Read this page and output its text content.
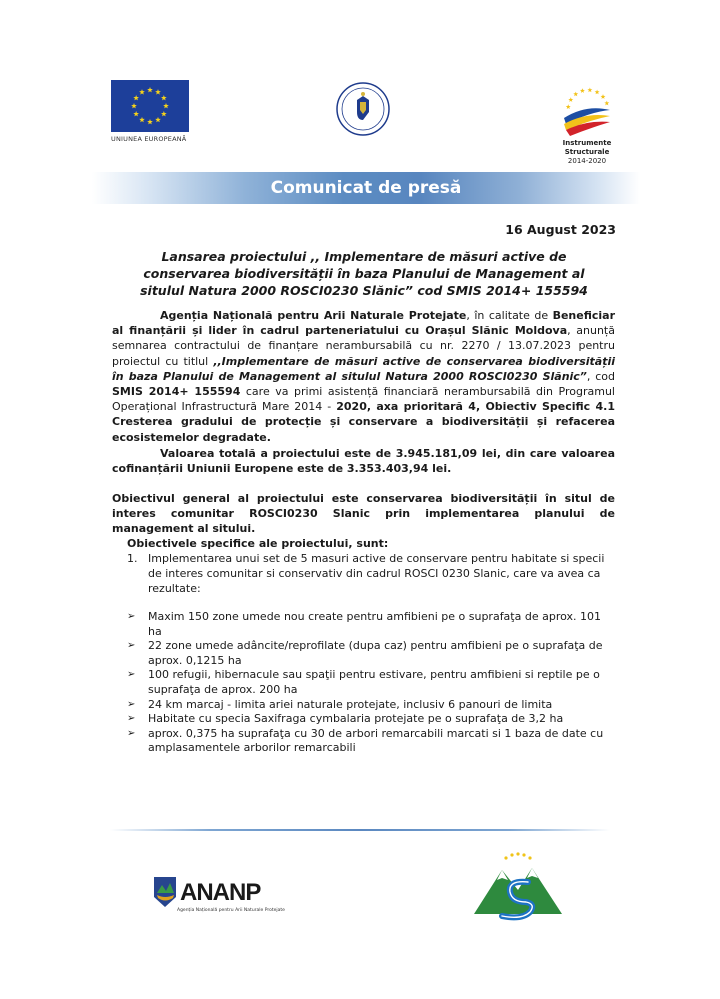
UNIUNEA EUROPEANĂ	Instrumente Structurale
2014-2020
Comunicat de presă
16 August 2023
Lansarea proiectului ,, Implementare de măsuri active de conservarea biodiversității în baza Planului de Management al situlul Natura 2000 ROSCI0230 Slănic” cod SMIS 2014+ 155594
Agenția Națională pentru Arii Naturale Protejate, în calitate de Beneficiar al finanțării și lider în cadrul parteneriatului cu Orașul Slănic Moldova, anunță semnarea contractului de finanțare nerambursabilă cu nr. 2270 / 13.07.2023 pentru proiectul cu titlul ,,Implementare de măsuri active de conservarea biodiversității în baza Planului de Management al situlul Natura 2000 ROSCI0230 Slănic”, cod SMIS 2014+ 155594 care va primi asistență financiară nerambursabilă din Programul Operațional Infrastructură Mare 2014 - 2020, axa prioritară 4, Obiectiv Specific 4.1 Cresterea gradului de protecție și conservare a biodiversității și refacerea ecosistemelor degradate.
Valoarea totală a proiectului este de 3.945.181,09 lei, din care valoarea cofinanțării Uniunii Europene este de 3.353.403,94 lei.
Obiectivul general al proiectului este conservarea biodiversității în situl de interes comunitar ROSCI0230 Slanic prin implementarea planului de management al sitului.
Obiectivele specifice ale proiectului, sunt:
1. Implementarea unui set de 5 masuri active de conservare pentru habitate si specii de interes comunitar si conservativ din cadrul ROSCI 0230 Slanic, care va avea ca rezultate:
➢ Maxim 150 zone umede nou create pentru amfibieni pe o suprafaţa de aprox. 101 ha
➢ 22 zone umede adâncite/reprofilate (dupa caz) pentru amfibieni pe o suprafaţa de aprox. 0,1215 ha
➢ 100 refugii, hibernacule sau spaţii pentru estivare, pentru amfibieni si reptile pe o suprafaţa de aprox. 200 ha
➢ 24 km marcaj - limita ariei naturale protejate, inclusiv 6 panouri de limita
➢ Habitate cu specia Saxifraga cymbalaria protejate pe o suprafaţa de 3,2 ha
➢ aprox. 0,375 ha suprafaţa cu 30 de arbori remarcabili marcati si 1 baza de date cu amplasamentele arborilor remarcabili
ANANP
Agenția Națională pentru Arii Naturale Protejate
